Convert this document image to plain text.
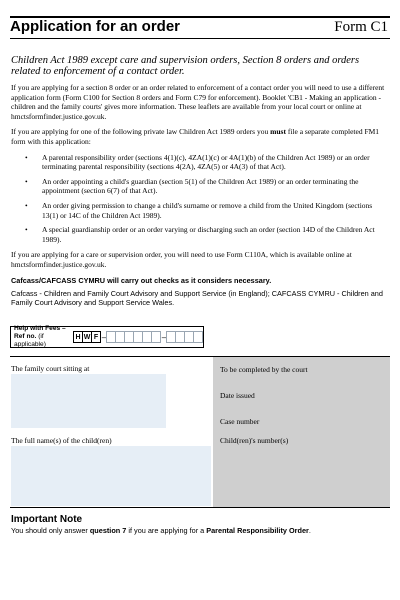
Application for an order	Form C1
Children Act 1989 except care and supervision orders, Section 8 orders and orders related to enforcement of a contact order.

If you are applying for a section 8 order or an order related to enforcement of a contact order you will need to use a different application form (Form C100 for Section 8 orders and Form C79 for enforcement). Booklet 'CB1 - Making an application - children and the family courts' gives more information. These leaflets are available from your local court or online at hmctsformfinder.justice.gov.uk.

If you are applying for one of the following private law Children Act 1989 orders you must file a separate completed FM1 form with this application:

• A parental responsibility order (sections 4(1)(c), 4ZA(1)(c) or 4A(1)(b) of the Children Act 1989) or an order terminating parental responsibility (sections 4(2A), 4ZA(5) or 4A(3) of that Act).
• An order appointing a child's guardian (section 5(1) of the Children Act 1989) or an order terminating the appointment (section 6(7) of that Act).
• An order giving permission to change a child's surname or remove a child from the United Kingdom (sections 13(1) or 14C of the Children Act 1989).
• A special guardianship order or an order varying or discharging such an order (section 14D of the Children Act 1989).

If you are applying for a care or supervision order, you will need to use Form C110A, which is available online at hmctsformfinder.justice.gov.uk.

Cafcass/CAFCASS CYMRU will carry out checks as it considers necessary.
Cafcass - Children and Family Court Advisory and Support Service (in England); CAFCASS CYMRU - Children and Family Court Advisory and Support Service Wales.
Help with Fees – Ref no. (if applicable)
H W F –	–
The family court sitting at
The full name(s) of the child(ren)
To be completed by the court
Date issued
Case number
Child(ren)'s number(s)
Important Note
You should only answer question 7 if you are applying for a Parental Responsibility Order.
